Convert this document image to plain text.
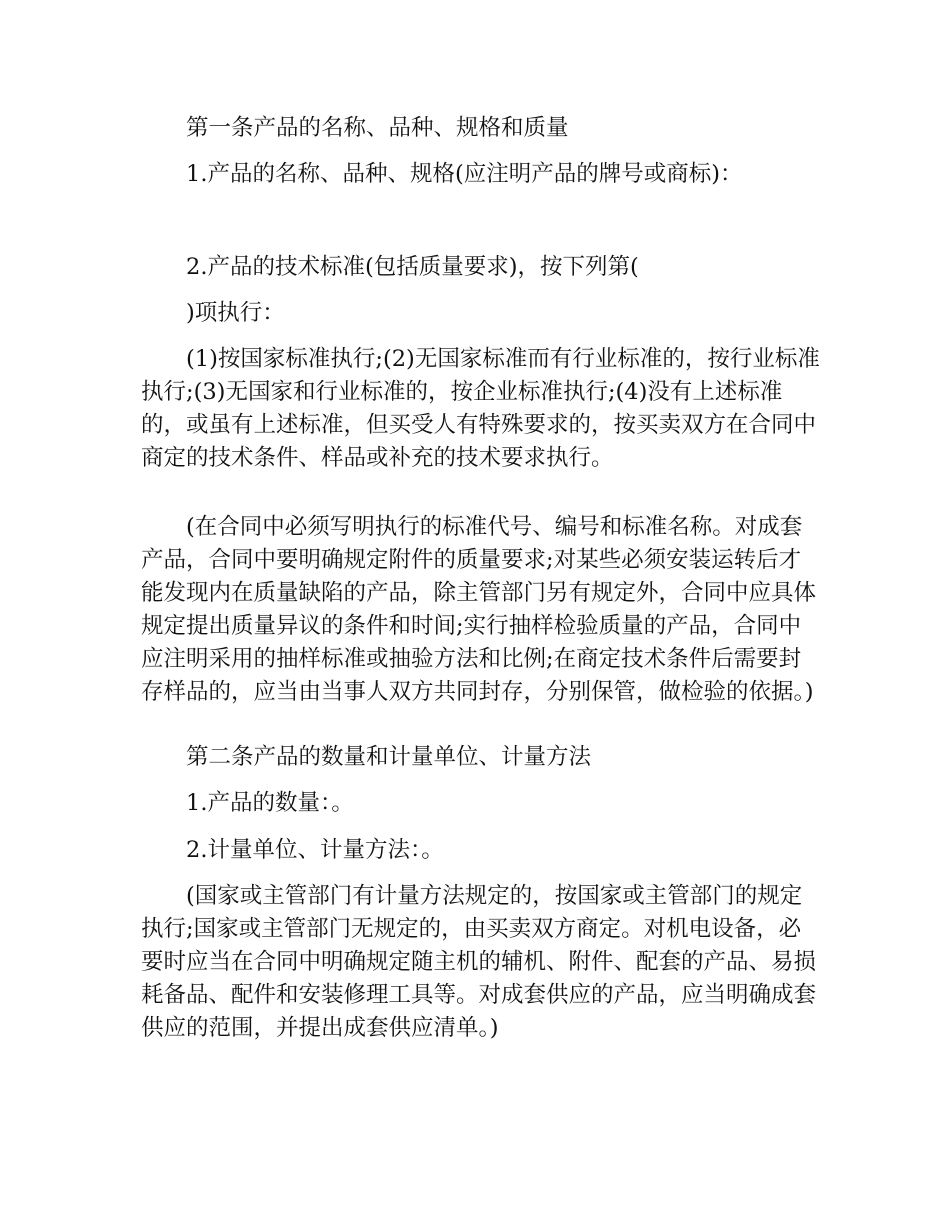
第一条产品的名称、品种、规格和质量

1.产品的名称、品种、规格(应注明产品的牌号或商标)：

2.产品的技术标准(包括质量要求)，按下列第(

)项执行：

(1)按国家标准执行;(2)无国家标准而有行业标准的，按行业标准执行;(3)无国家和行业标准的，按企业标准执行;(4)没有上述标准的，或虽有上述标准，但买受人有特殊要求的，按买卖双方在合同中商定的技术条件、样品或补充的技术要求执行。

(在合同中必须写明执行的标准代号、编号和标准名称。对成套产品，合同中要明确规定附件的质量要求;对某些必须安装运转后才能发现内在质量缺陷的产品，除主管部门另有规定外，合同中应具体规定提出质量异议的条件和时间;实行抽样检验质量的产品，合同中应注明采用的抽样标准或抽验方法和比例;在商定技术条件后需要封存样品的，应当由当事人双方共同封存，分别保管，做检验的依据。)

第二条产品的数量和计量单位、计量方法

1.产品的数量：。

2.计量单位、计量方法：。

(国家或主管部门有计量方法规定的，按国家或主管部门的规定执行;国家或主管部门无规定的，由买卖双方商定。对机电设备，必要时应当在合同中明确规定随主机的辅机、附件、配套的产品、易损耗备品、配件和安装修理工具等。对成套供应的产品，应当明确成套供应的范围，并提出成套供应清单。)
